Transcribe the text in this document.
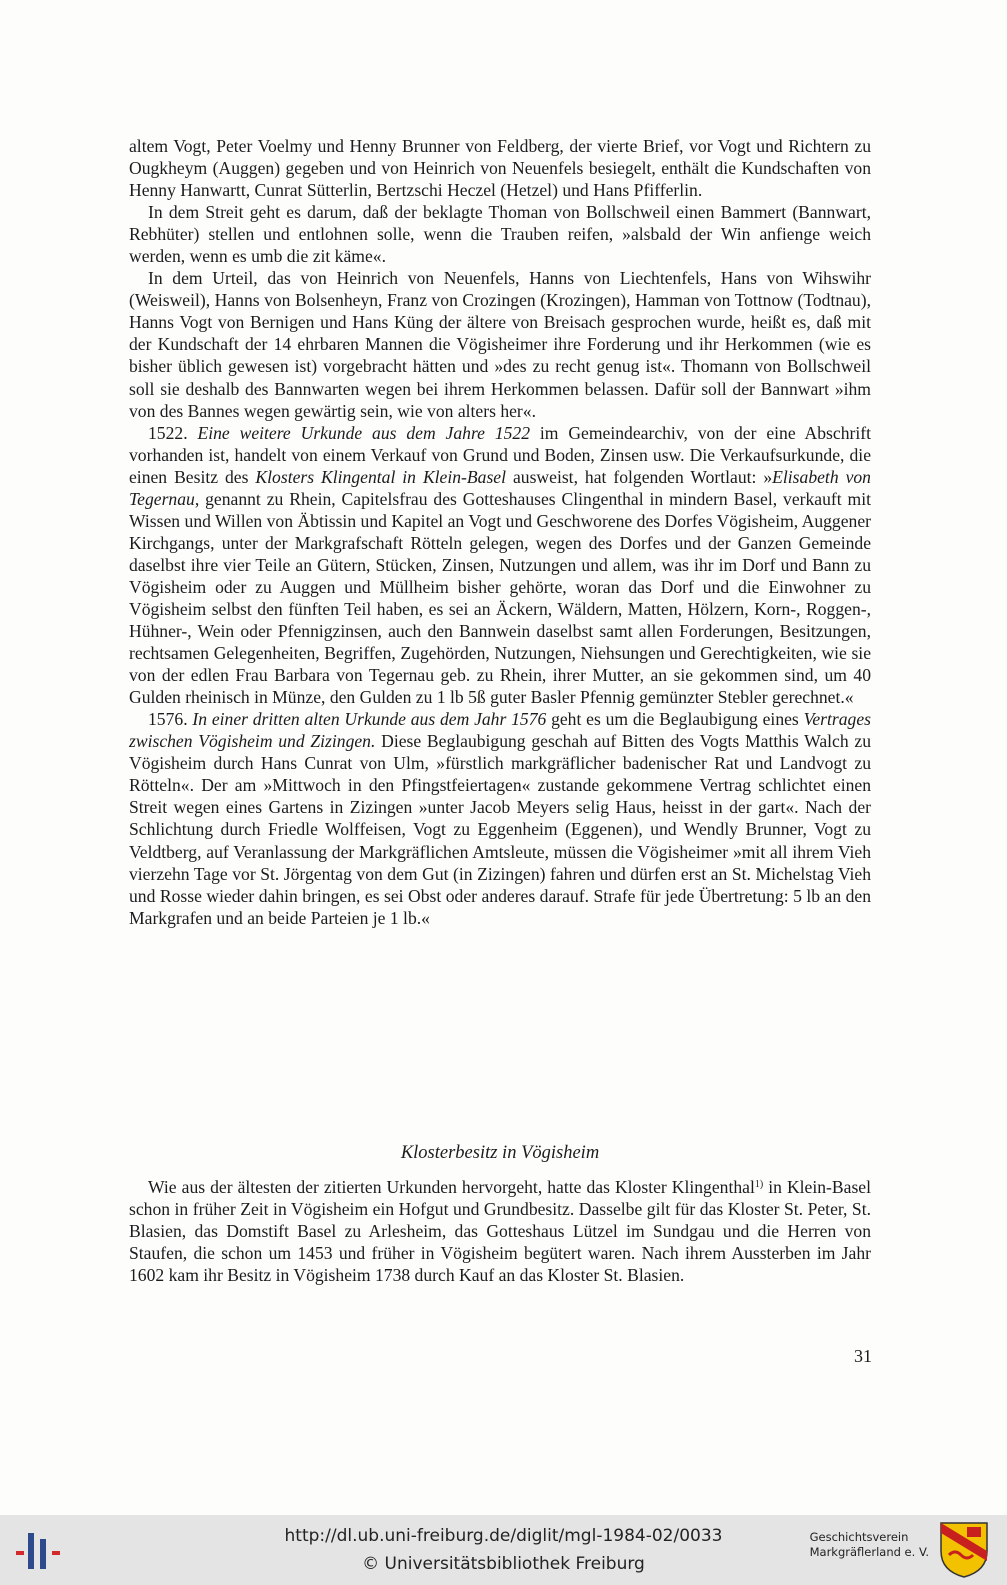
altem Vogt, Peter Voelmy und Henny Brunner von Feldberg, der vierte Brief, vor Vogt und Richtern zu Ougkheym (Auggen) gegeben und von Heinrich von Neuenfels besiegelt, enthält die Kundschaften von Henny Hanwartt, Cunrat Sütterlin, Bertzschi Heczel (Hetzel) und Hans Pfifferlin.

In dem Streit geht es darum, daß der beklagte Thoman von Bollschweil einen Bammert (Bannwart, Rebhüter) stellen und entlohnen solle, wenn die Trauben reifen, »alsbald der Win anfienge weich werden, wenn es umb die zit käme«.

In dem Urteil, das von Heinrich von Neuenfels, Hanns von Liechtenfels, Hans von Wihswihr (Weisweil), Hanns von Bolsenheyn, Franz von Crozingen (Krozingen), Hamman von Tottnow (Todtnau), Hanns Vogt von Bernigen und Hans Küng der ältere von Breisach gesprochen wurde, heißt es, daß mit der Kundschaft der 14 ehrbaren Mannen die Vögisheimer ihre Forderung und ihr Herkommen (wie es bisher üblich gewesen ist) vorgebracht hätten und »des zu recht genug ist«. Thomann von Bollschweil soll sie deshalb des Bannwarten wegen bei ihrem Herkommen belassen. Dafür soll der Bannwart »ihm von des Bannes wegen gewärtig sein, wie von alters her«.

1522. Eine weitere Urkunde aus dem Jahre 1522 im Gemeindearchiv, von der eine Abschrift vorhanden ist, handelt von einem Verkauf von Grund und Boden, Zinsen usw. Die Verkaufsurkunde, die einen Besitz des Klosters Klingental in Klein-Basel ausweist, hat folgenden Wortlaut: »Elisabeth von Tegernau, genannt zu Rhein, Capitelsfrau des Gotteshauses Clingenthal in mindern Basel, verkauft mit Wissen und Willen von Äbtissin und Kapitel an Vogt und Geschworene des Dorfes Vögisheim, Auggener Kirchgangs, unter der Markgrafschaft Rötteln gelegen, wegen des Dorfes und der Ganzen Gemeinde daselbst ihre vier Teile an Gütern, Stücken, Zinsen, Nutzungen und allem, was ihr im Dorf und Bann zu Vögisheim oder zu Auggen und Müllheim bisher gehörte, woran das Dorf und die Einwohner zu Vögisheim selbst den fünften Teil haben, es sei an Äckern, Wäldern, Matten, Hölzern, Korn-, Roggen-, Hühner-, Wein oder Pfennigzinsen, auch den Bannwein daselbst samt allen Forderungen, Besitzungen, rechtsamen Gelegenheiten, Begriffen, Zugehörden, Nutzungen, Niehsungen und Gerechtigkeiten, wie sie von der edlen Frau Barbara von Tegernau geb. zu Rhein, ihrer Mutter, an sie gekommen sind, um 40 Gulden rheinisch in Münze, den Gulden zu 1 lb 5ß guter Basler Pfennig gemünzter Stebler gerechnet.«

1576. In einer dritten alten Urkunde aus dem Jahr 1576 geht es um die Beglaubigung eines Vertrages zwischen Vögisheim und Zizingen. Diese Beglaubigung geschah auf Bitten des Vogts Matthis Walch zu Vögisheim durch Hans Cunrat von Ulm, »fürstlich markgräflicher badenischer Rat und Landvogt zu Rötteln«. Der am »Mittwoch in den Pfingstfeiertagen« zustande gekommene Vertrag schlichtet einen Streit wegen eines Gartens in Zizingen »unter Jacob Meyers selig Haus, heisst in der gart«. Nach der Schlichtung durch Friedle Wolffeisen, Vogt zu Eggenheim (Eggenen), und Wendly Brunner, Vogt zu Veldtberg, auf Veranlassung der Markgräflichen Amtsleute, müssen die Vögisheimer »mit all ihrem Vieh vierzehn Tage vor St. Jörgentag von dem Gut (in Zizingen) fahren und dürfen erst an St. Michelstag Vieh und Rosse wieder dahin bringen, es sei Obst oder anderes darauf. Strafe für jede Übertretung: 5 lb an den Markgrafen und an beide Parteien je 1 lb.«

Klosterbesitz in Vögisheim

Wie aus der ältesten der zitierten Urkunden hervorgeht, hatte das Kloster Klingenthal$^{1)}$ in Klein-Basel schon in früher Zeit in Vögisheim ein Hofgut und Grundbesitz. Dasselbe gilt für das Kloster St. Peter, St. Blasien, das Domstift Basel zu Arlesheim, das Gotteshaus Lützel im Sundgau und die Herren von Staufen, die schon um 1453 und früher in Vögisheim begütert waren. Nach ihrem Aussterben im Jahr 1602 kam ihr Besitz in Vögisheim 1738 durch Kauf an das Kloster St. Blasien.

31
http://dl.ub.uni-freiburg.de/diglit/mgl-1984-02/0033
© Universitätsbibliothek Freiburg
Geschichtsverein
Markgräflerland e. V.
